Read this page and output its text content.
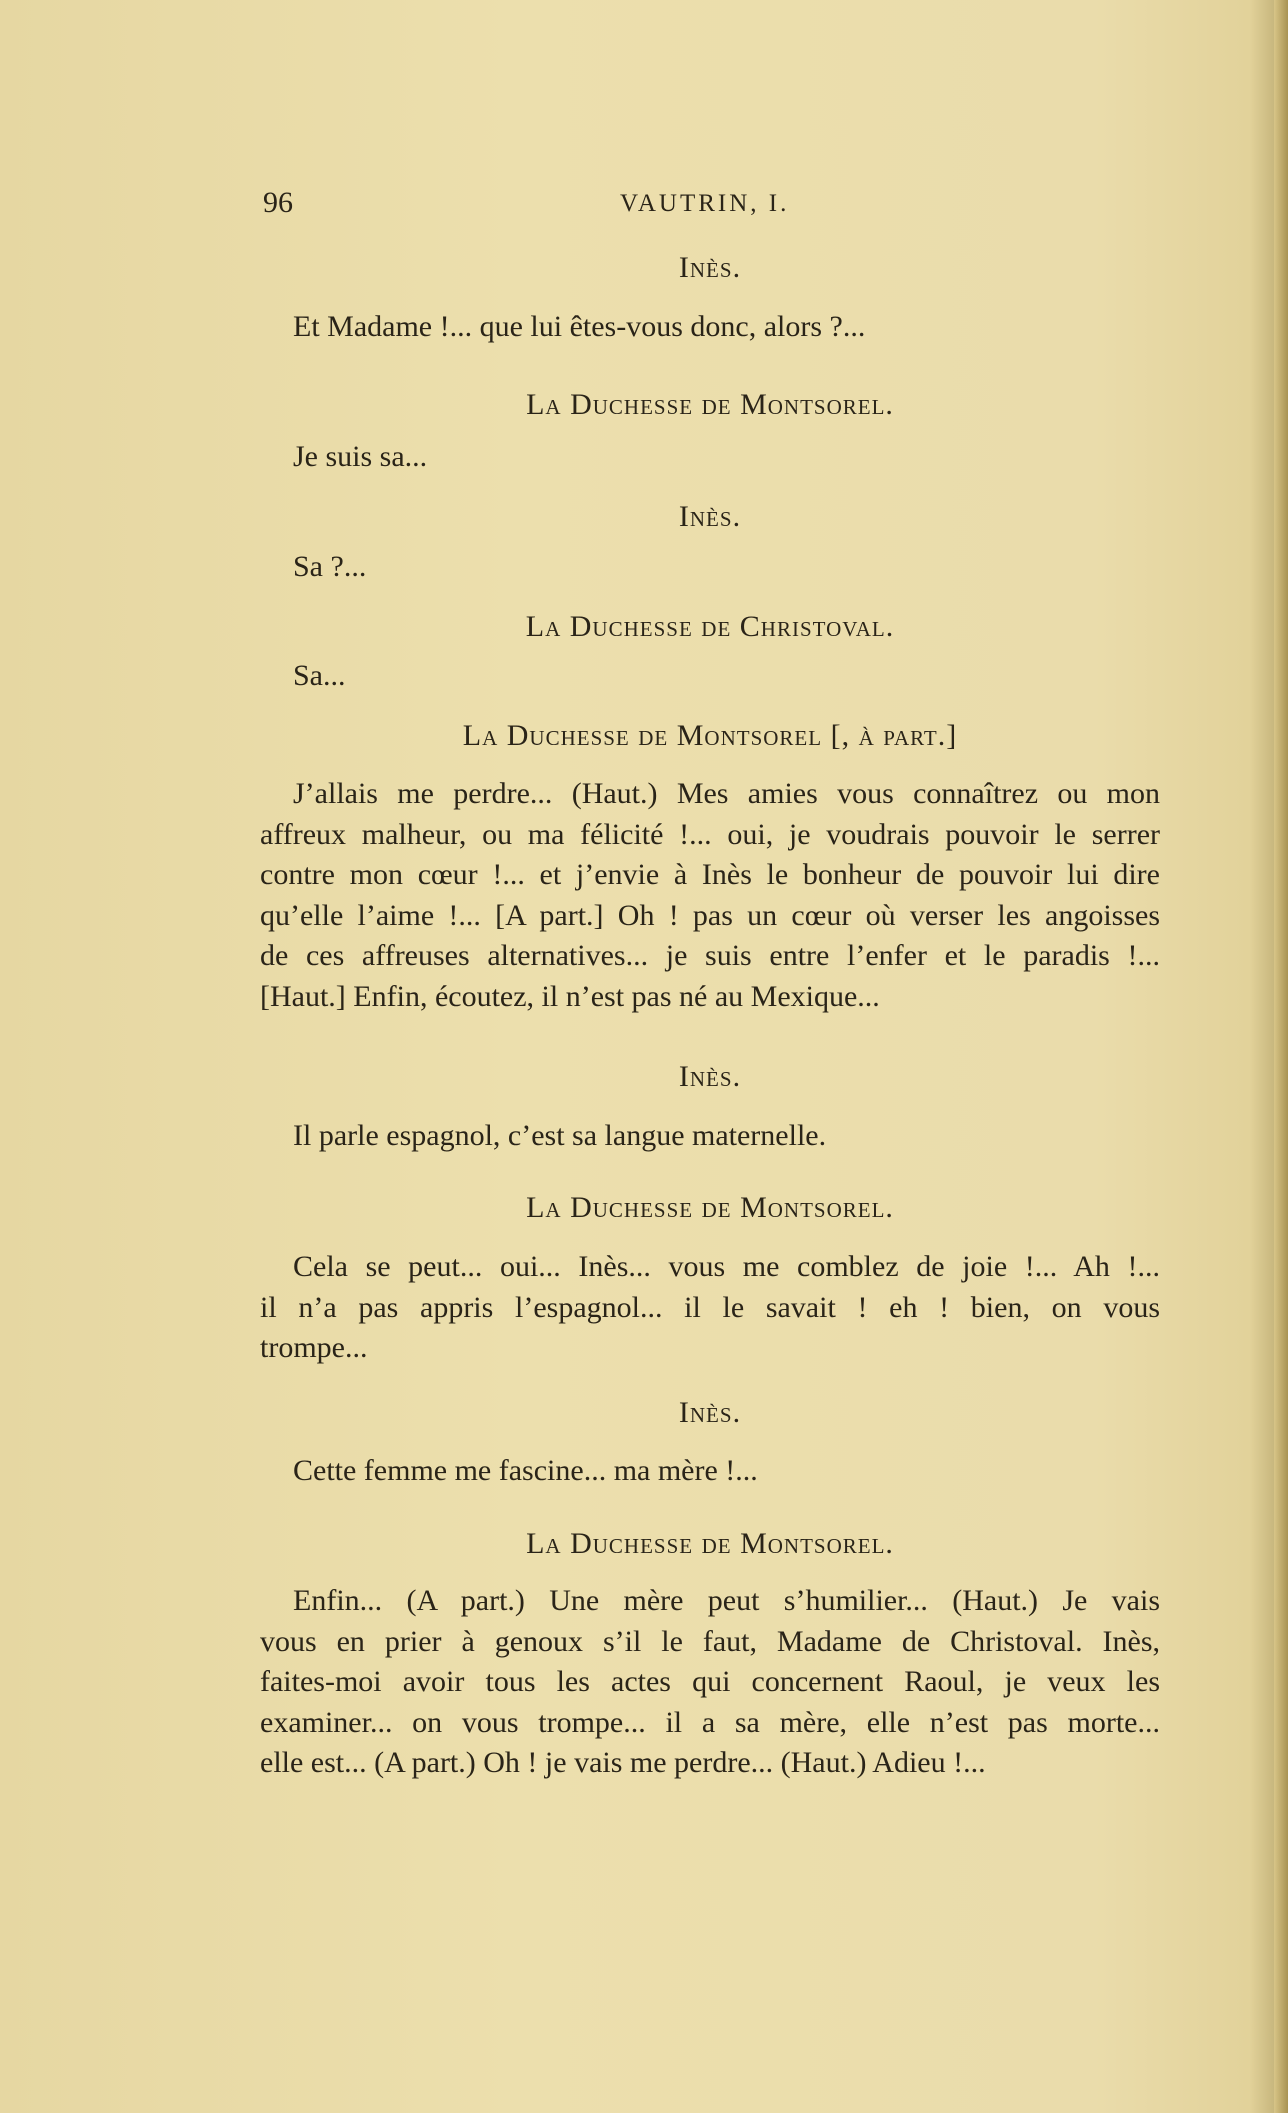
96	VAUTRIN, I.
Inès.
Et Madame !... que lui êtes-vous donc, alors ?...
La Duchesse de Montsorel.
Je suis sa...
Inès.
Sa ?...
La Duchesse de Christoval.
Sa...
La Duchesse de Montsorel [, à part.]
J’allais me perdre... (Haut.) Mes amies vous connaîtrez ou mon
affreux malheur, ou ma félicité !... oui, je voudrais pouvoir le serrer
contre mon cœur !... et j’envie à Inès le bonheur de pouvoir lui dire
qu’elle l’aime !... [A part.] Oh ! pas un cœur où verser les angoisses
de ces affreuses alternatives... je suis entre l’enfer et le paradis !...
[Haut.] Enfin, écoutez, il n’est pas né au Mexique...
Inès.
Il parle espagnol, c’est sa langue maternelle.
La Duchesse de Montsorel.
Cela se peut... oui... Inès... vous me comblez de joie !... Ah !...
il n’a pas appris l’espagnol... il le savait ! eh ! bien, on vous
trompe...
Inès.
Cette femme me fascine... ma mère !...
La Duchesse de Montsorel.
Enfin... (A part.) Une mère peut s’humilier... (Haut.) Je vais
vous en prier à genoux s’il le faut, Madame de Christoval. Inès,
faites-moi avoir tous les actes qui concernent Raoul, je veux les
examiner... on vous trompe... il a sa mère, elle n’est pas morte...
elle est... (A part.) Oh ! je vais me perdre... (Haut.) Adieu !...
